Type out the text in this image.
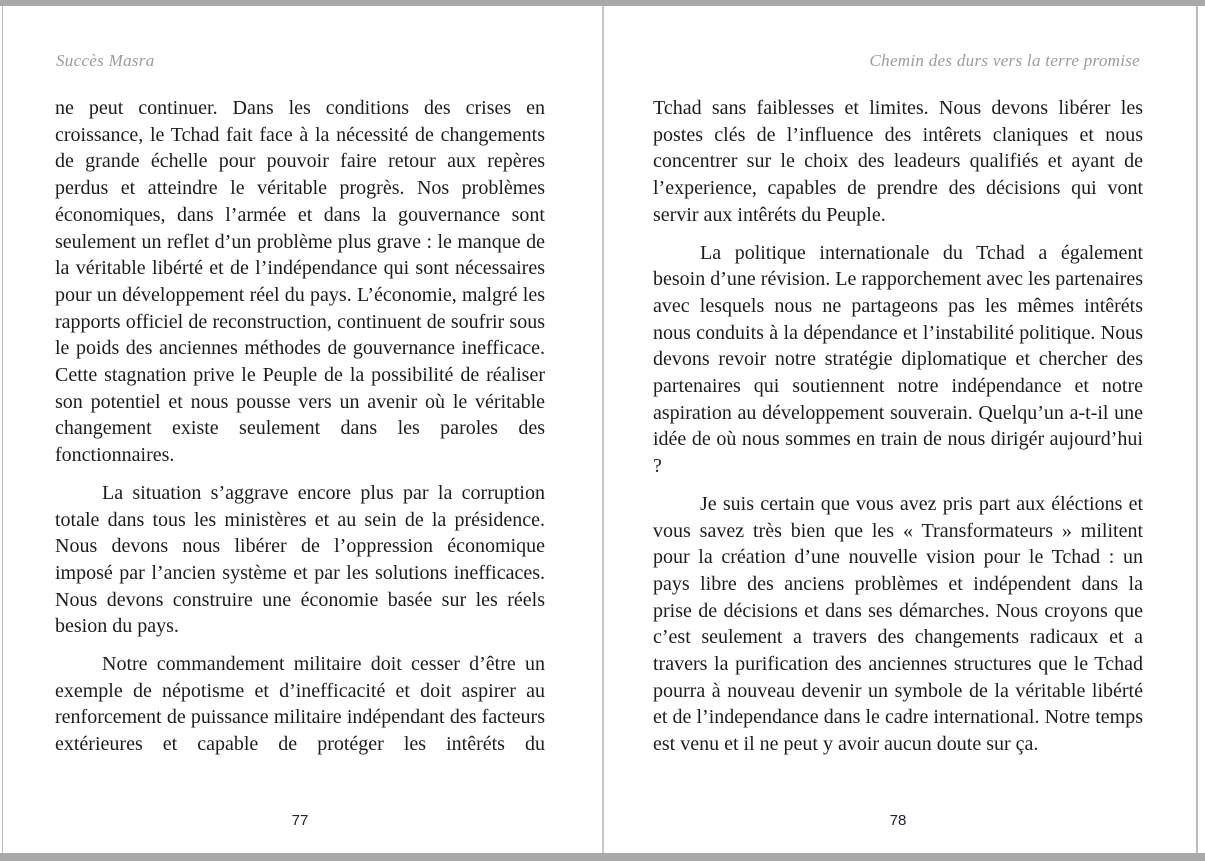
Succès Masra

ne peut continuer. Dans les conditions des crises en croissance, le Tchad fait face à la nécessité de changements de grande échelle pour pouvoir faire retour aux repères perdus et atteindre le véritable progrès. Nos problèmes économiques, dans l’armée et dans la gouvernance sont seulement un reflet d’un problème plus grave : le manque de la véritable libérté et de l’indépendance qui sont nécessaires pour un développement réel du pays. L’économie, malgré les rapports officiel de reconstruction, continuent de soufrir sous le poids des anciennes méthodes de gouvernance inefficace. Cette stagnation prive le Peuple de la possibilité de réaliser son potentiel et nous pousse vers un avenir où le véritable changement existe seulement dans les paroles des fonctionnaires.

La situation s’aggrave encore plus par la corruption totale dans tous les ministères et au sein de la présidence. Nous devons nous libérer de l’oppression économique imposé par l’ancien système et par les solutions inefficaces. Nous devons construire une économie basée sur les réels besion du pays.

Notre commandement militaire doit cesser d’être un exemple de népotisme et d’inefficacité et doit aspirer au renforcement de puissance militaire indépendant des facteurs extérieures et capable de protéger les intêréts du

77
Chemin des durs vers la terre promise

Tchad sans faiblesses et limites. Nous devons libérer les postes clés de l’influence des intêrets claniques et nous concentrer sur le choix des leadeurs qualifiés et ayant de l’experience, capables de prendre des décisions qui vont servir aux intêréts du Peuple.

La politique internationale du Tchad a également besoin d’une révision. Le rapporchement avec les partenaires avec lesquels nous ne partageons pas les mêmes intêréts nous conduits à la dépendance et l’instabilité politique. Nous devons revoir notre stratégie diplomatique et chercher des partenaires qui soutiennent notre indépendance et notre aspiration au développement souverain. Quelqu’un a-t-il une idée de où nous sommes en train de nous dirigér aujourd’hui ?

Je suis certain que vous avez pris part aux éléctions et vous savez très bien que les « Transformateurs » militent pour la création d’une nouvelle vision pour le Tchad : un pays libre des anciens problèmes et indépendent dans la prise de décisions et dans ses démarches. Nous croyons que c’est seulement a travers des changements radicaux et a travers la purification des anciennes structures que le Tchad pourra à nouveau devenir un symbole de la véritable libérté et de l’independance dans le cadre international. Notre temps est venu et il ne peut y avoir aucun doute sur ça.

78
